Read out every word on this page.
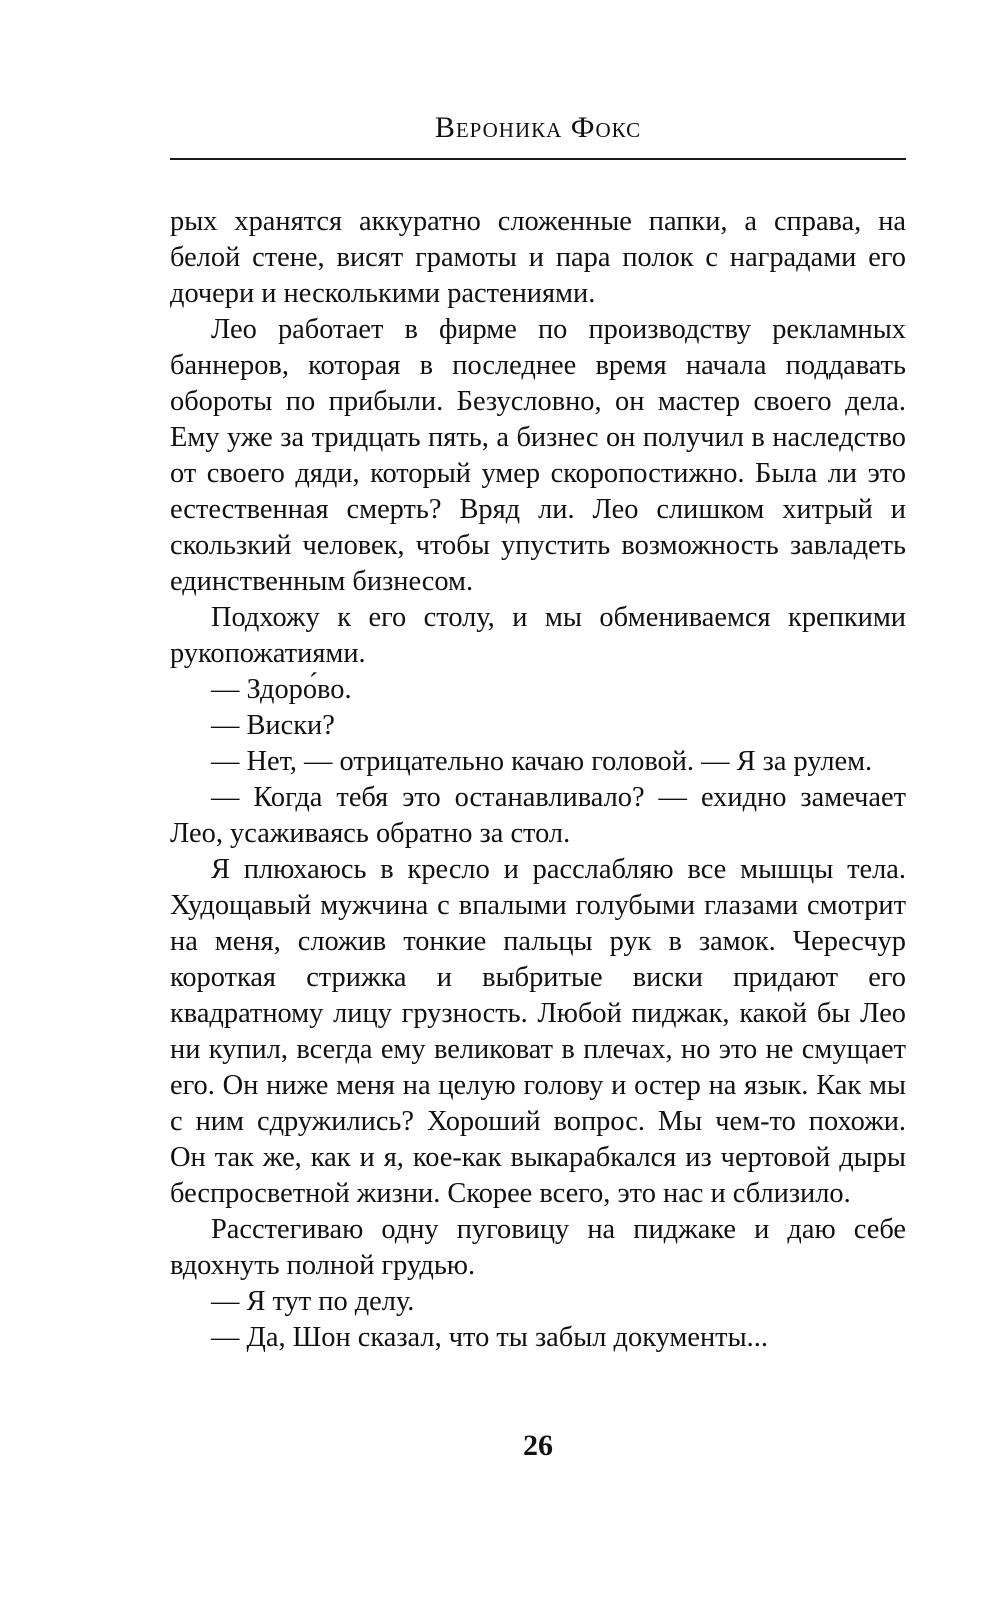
Вероника Фокс

рых хранятся аккуратно сложенные папки, а справа, на белой стене, висят грамоты и пара полок с наградами его дочери и несколькими растениями.

Лео работает в фирме по производству рекламных баннеров, которая в последнее время начала поддавать обороты по прибыли. Безусловно, он мастер своего дела. Ему уже за тридцать пять, а бизнес он получил в наследство от своего дяди, который умер скоропостижно. Была ли это естественная смерть? Вряд ли. Лео слишком хитрый и скользкий человек, чтобы упустить возможность завладеть единственным бизнесом.

Подхожу к его столу, и мы обмениваемся крепкими рукопожатиями.

— Здоро́во.

— Виски?

— Нет, — отрицательно качаю головой. — Я за рулем.

— Когда тебя это останавливало? — ехидно замечает Лео, усаживаясь обратно за стол.

Я плюхаюсь в кресло и расслабляю все мышцы тела. Худощавый мужчина с впалыми голубыми глазами смотрит на меня, сложив тонкие пальцы рук в замок. Чересчур короткая стрижка и выбритые виски придают его квадратному лицу грузность. Любой пиджак, какой бы Лео ни купил, всегда ему великоват в плечах, но это не смущает его. Он ниже меня на целую голову и остер на язык. Как мы с ним сдружились? Хороший вопрос. Мы чем-то похожи. Он так же, как и я, кое-как выкарабкался из чертовой дыры беспросветной жизни. Скорее всего, это нас и сблизило.

Расстегиваю одну пуговицу на пиджаке и даю себе вдохнуть полной грудью.

— Я тут по делу.

— Да, Шон сказал, что ты забыл документы...

26
